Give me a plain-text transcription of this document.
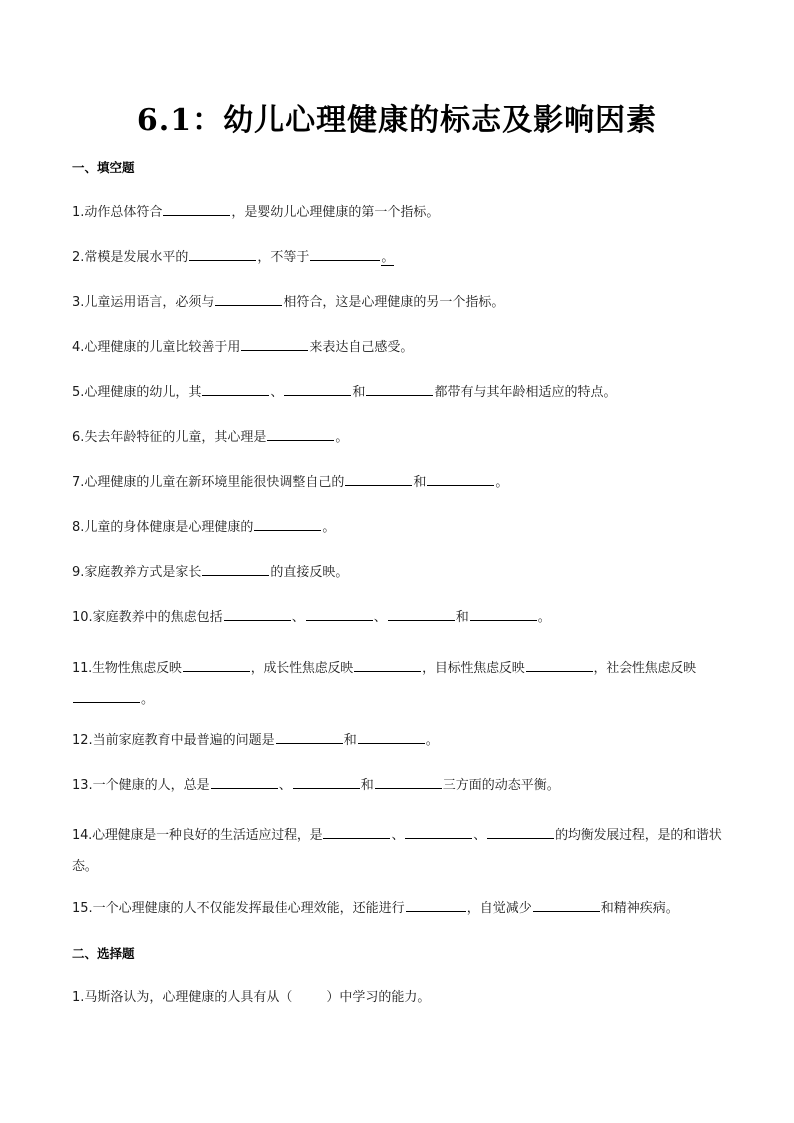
6.1：幼儿心理健康的标志及影响因素
一、填空题
1.动作总体符合	，是婴幼儿心理健康的第一个指标。
2.常模是发展水平的	，不等于	。
3.儿童运用语言，必须与	相符合，这是心理健康的另一个指标。
4.心理健康的儿童比较善于用	来表达自己感受。
5.心理健康的幼儿，其	、	和	都带有与其年龄相适应的特点。
6.失去年龄特征的儿童，其心理是	。
7.心理健康的儿童在新环境里能很快调整自己的	和	。
8.儿童的身体健康是心理健康的	。
9.家庭教养方式是家长	的直接反映。
10.家庭教养中的焦虑包括	、	、	和	。
11.生物性焦虑反映	，成长性焦虑反映	，目标性焦虑反映	，社会性焦虑反映。
12.当前家庭教育中最普遍的问题是	和	。
13.一个健康的人，总是	、	和	三方面的动态平衡。
14.心理健康是一种良好的生活适应过程，是	、	、	的均衡发展过程，是的和谐状态。
15.一个心理健康的人不仅能发挥最佳心理效能，还能进行	，自觉减少	和精神疾病。
二、选择题
1.马斯洛认为，心理健康的人具有从（	）中学习的能力。
